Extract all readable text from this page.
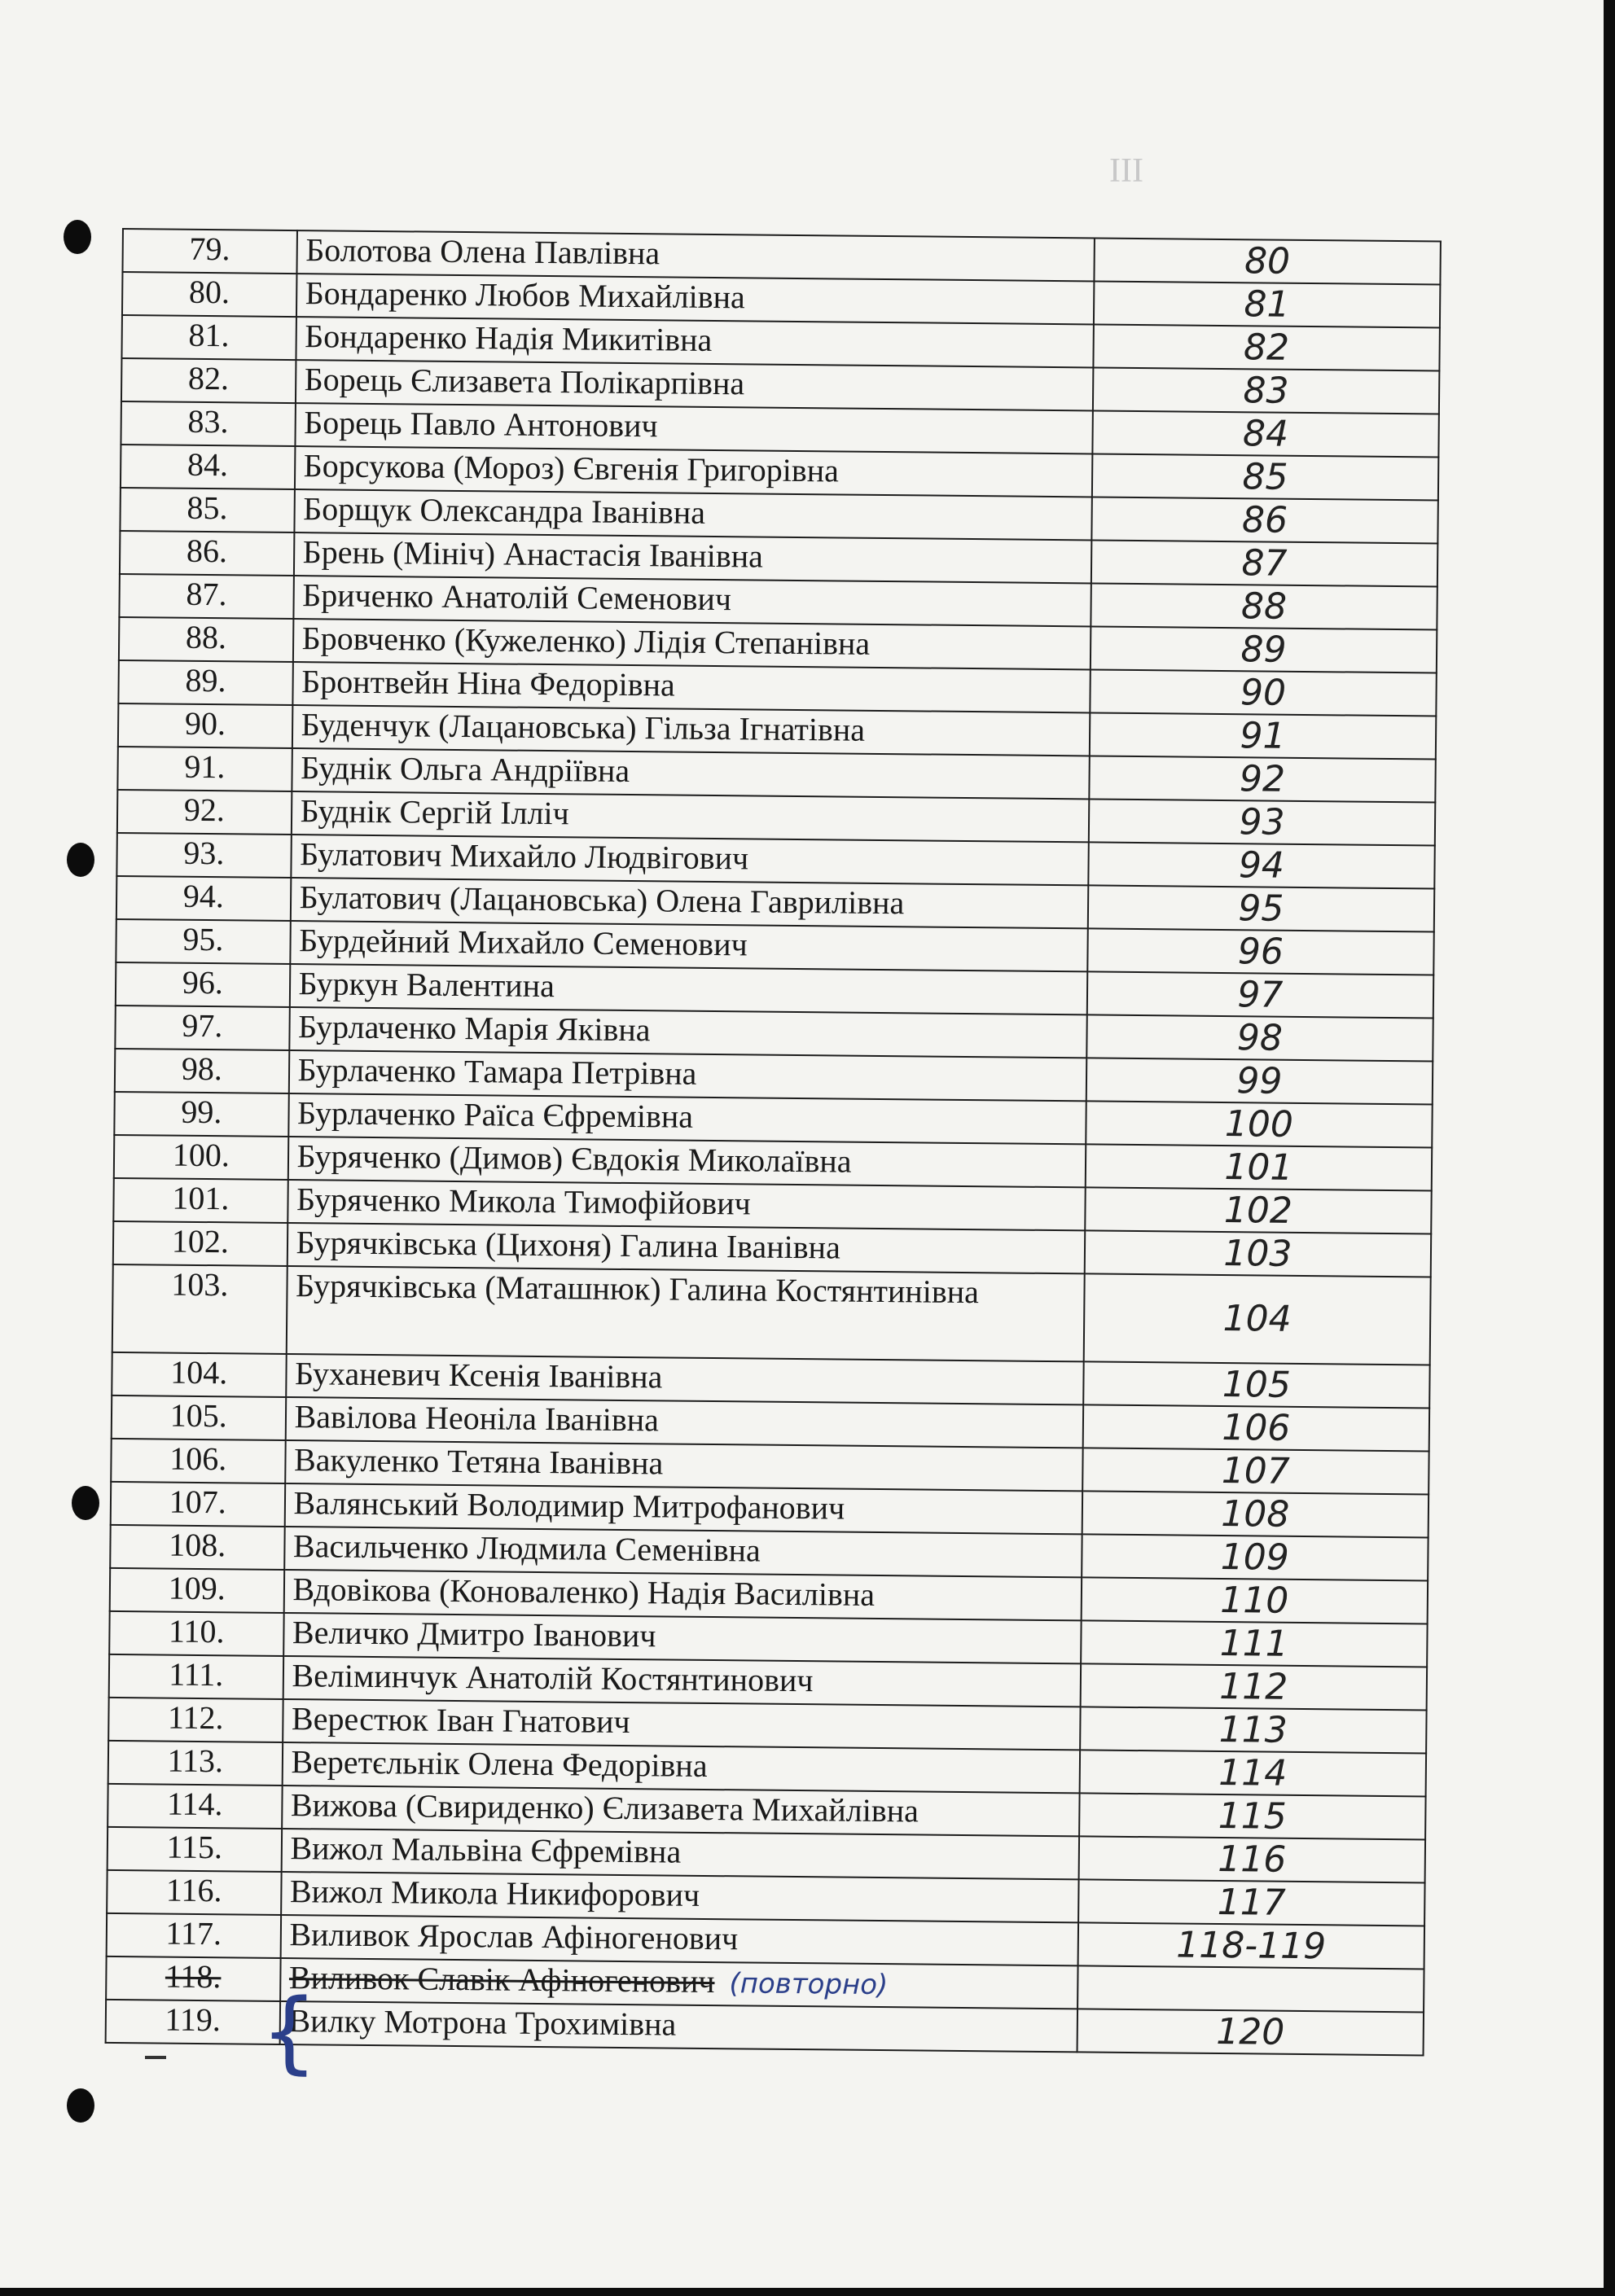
III
79.	Болотова Олена Павлівна	80
80.	Бондаренко Любов Михайлівна	81
81.	Бондаренко Надія Микитівна	82
82.	Борець Єлизавета Полікарпівна	83
83.	Борець Павло Антонович	84
84.	Борсукова (Мороз) Євгенія Григорівна	85
85.	Борщук Олександра Іванівна	86
86.	Брень (Мініч) Анастасія Іванівна	87
87.	Бриченко Анатолій Семенович	88
88.	Бровченко (Кужеленко) Лідія Степанівна	89
89.	Бронтвейн Ніна Федорівна	90
90.	Буденчук (Лацановська) Гільза Ігнатівна	91
91.	Буднік Ольга Андріївна	92
92.	Буднік Сергій Ілліч	93
93.	Булатович Михайло Людвігович	94
94.	Булатович (Лацановська) Олена Гаврилівна	95
95.	Бурдейний Михайло Семенович	96
96.	Буркун Валентина	97
97.	Бурлаченко Марія Яківна	98
98.	Бурлаченко Тамара Петрівна	99
99.	Бурлаченко Раїса Єфремівна	100
100.	Буряченко (Димов) Євдокія Миколаївна	101
101.	Буряченко Микола Тимофійович	102
102.	Бурячківська (Цихоня) Галина Іванівна	103
103.	Бурячківська (Маташнюк) Галина Костянтинівна	104
104.	Буханевич Ксенія Іванівна	105
105.	Вавілова Неоніла Іванівна	106
106.	Вакуленко Тетяна Іванівна	107
107.	Валянський Володимир Митрофанович	108
108.	Васильченко Людмила Семенівна	109
109.	Вдовікова (Коноваленко) Надія Василівна	110
110.	Величко Дмитро Іванович	111
111.	Веліминчук Анатолій Костянтинович	112
112.	Верестюк Іван Гнатович	113
113.	Веретєльнік Олена Федорівна	114
114.	Вижова (Свириденко) Єлизавета Михайлівна	115
115.	Вижол Мальвіна Єфремівна	116
116.	Вижол Микола Никифорович	117
117.	Виливок Ярослав Афіногенович	118-119
118.	Виливок Славік Афіногенович (повторно)	
119.	Вилку Мотрона Трохимівна	120
{
